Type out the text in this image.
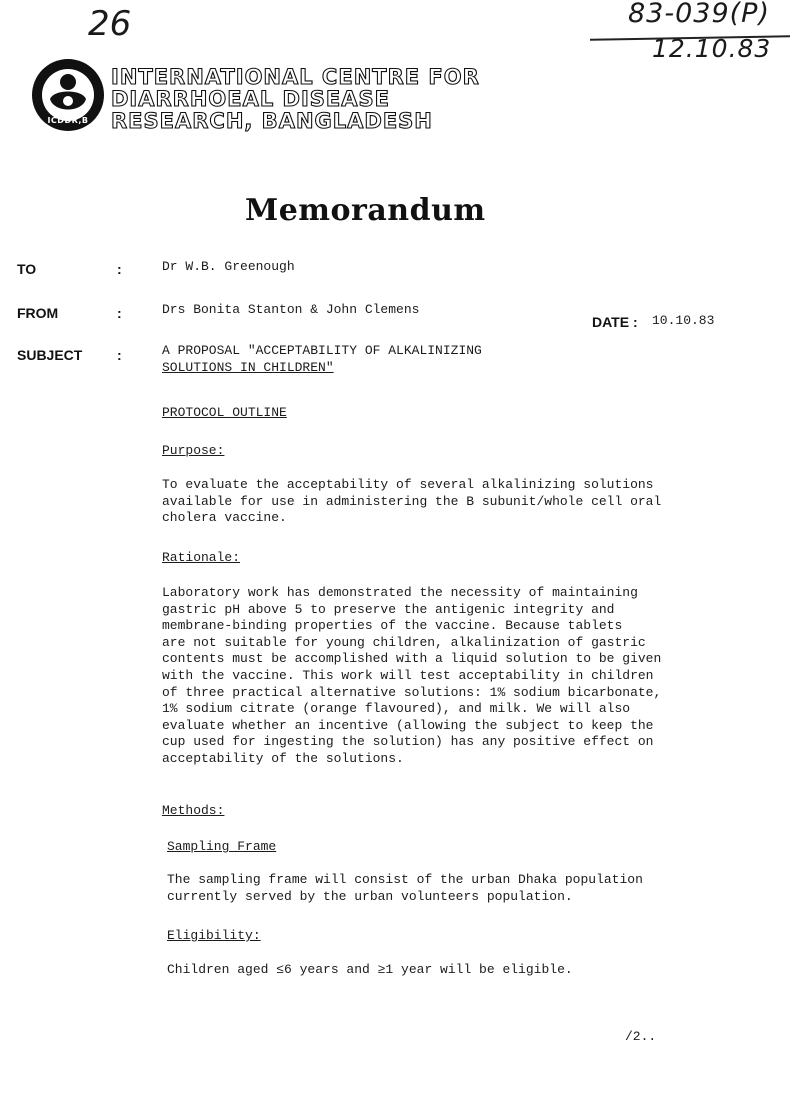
26	83-039(P)
12.10.83
ICDDR,B
INTERNATIONAL CENTRE FOR
DIARRHOEAL DISEASE
RESEARCH, BANGLADESH
Memorandum
TO	:	Dr W.B. Greenough
FROM	:	Drs Bonita Stanton & John Clemens
DATE : 10.10.83
SUBJECT :	A PROPOSAL "ACCEPTABILITY OF ALKALINIZING
SOLUTIONS IN CHILDREN"
PROTOCOL OUTLINE
Purpose:
To evaluate the acceptability of several alkalinizing solutions
available for use in administering the B subunit/whole cell oral
cholera vaccine.
Rationale:
Laboratory work has demonstrated the necessity of maintaining
gastric pH above 5 to preserve the antigenic integrity and
membrane-binding properties of the vaccine. Because tablets
are not suitable for young children, alkalinization of gastric
contents must be accomplished with a liquid solution to be given
with the vaccine. This work will test acceptability in children
of three practical alternative solutions: 1% sodium bicarbonate,
1% sodium citrate (orange flavoured), and milk. We will also
evaluate whether an incentive (allowing the subject to keep the
cup used for ingesting the solution) has any positive effect on
acceptability of the solutions.
Methods:
Sampling Frame
The sampling frame will consist of the urban Dhaka population
currently served by the urban volunteers population.
Eligibility:
Children aged ≤6 years and ≥1 year will be eligible.
/2..
